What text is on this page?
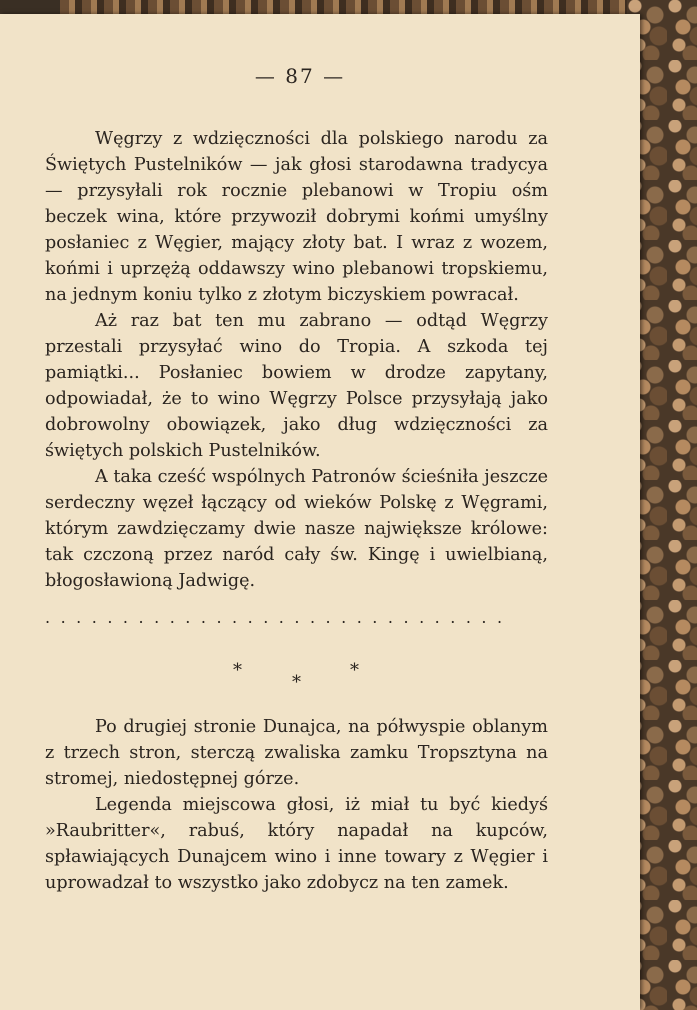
— 87 —

Węgrzy z wdzięczności dla polskiego narodu za Świętych Pustelników — jak głosi starodawna tradycya — przysyłali rok rocznie plebanowi w Tropiu ośm beczek wina, które przywoził dobrymi końmi umyślny posłaniec z Węgier, mający złoty bat. I wraz z wozem, końmi i uprzężą oddawszy wino plebanowi tropskiemu, na jednym koniu tylko z złotym biczyskiem powracał.

Aż raz bat ten mu zabrano — odtąd Węgrzy przestali przysyłać wino do Tropia. A szkoda tej pamiątki... Posłaniec bowiem w drodze zapytany, odpowiadał, że to wino Węgrzy Polsce przysyłają jako dobrowolny obowiązek, jako dług wdzięczności za świętych polskich Pustelników.

A taka cześć wspólnych Patronów ścieśniła jeszcze serdeczny węzeł łączący od wieków Polskę z Węgrami, którym zawdzięczamy dwie nasze największe królowe: tak czczoną przez naród cały św. Kingę i uwielbianą, błogosławioną Jadwigę.

..............................
*	*
*

Po drugiej stronie Dunajca, na półwyspie oblanym z trzech stron, sterczą zwaliska zamku Tropsztyna na stromej, niedostępnej górze.

Legenda miejscowa głosi, iż miał tu być kiedyś »Raubritter«, rabuś, który napadał na kupców, spławiających Dunajcem wino i inne towary z Węgier i uprowadzał to wszystko jako zdobycz na ten zamek.
